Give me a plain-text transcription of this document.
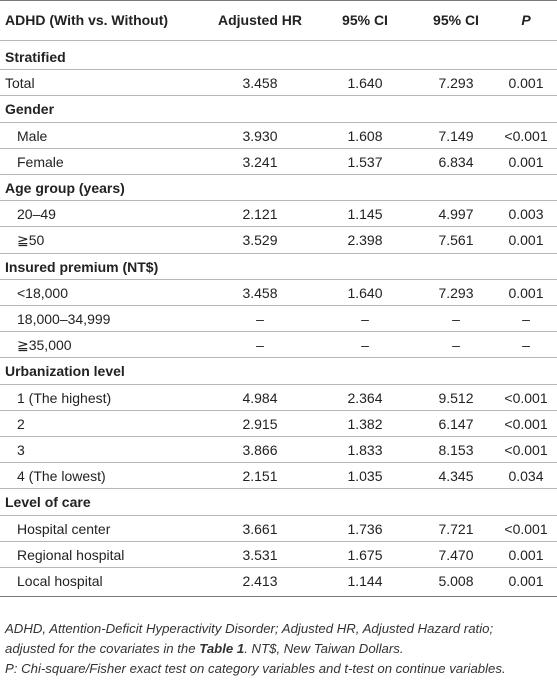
ADHD (With vs. Without)	Adjusted HR	95% CI	95% CI	P
Stratified
Total	3.458	1.640	7.293	0.001
Gender
Male	3.930	1.608	7.149	<0.001
Female	3.241	1.537	6.834	0.001
Age group (years)
20–49	2.121	1.145	4.997	0.003
≧50	3.529	2.398	7.561	0.001
Insured premium (NT$)
<18,000	3.458	1.640	7.293	0.001
18,000–34,999	–	–	–	–
≧35,000	–	–	–	–
Urbanization level
1 (The highest)	4.984	2.364	9.512	<0.001
2	2.915	1.382	6.147	<0.001
3	3.866	1.833	8.153	<0.001
4 (The lowest)	2.151	1.035	4.345	0.034
Level of care
Hospital center	3.661	1.736	7.721	<0.001
Regional hospital	3.531	1.675	7.470	0.001
Local hospital	2.413	1.144	5.008	0.001
ADHD, Attention-Deficit Hyperactivity Disorder; Adjusted HR, Adjusted Hazard ratio;
adjusted for the covariates in the Table 1. NT$, New Taiwan Dollars.
P: Chi-square/Fisher exact test on category variables and t-test on continue variables.
